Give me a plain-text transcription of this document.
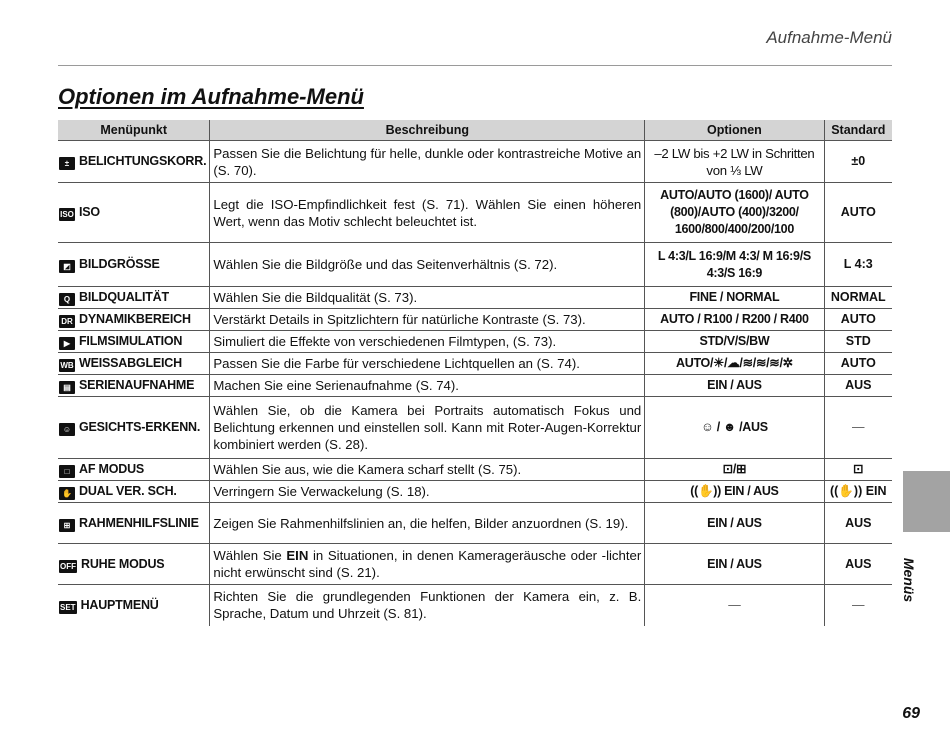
Aufnahme-Menü
Optionen im Aufnahme-Menü
Menüpunkt	Beschreibung	Optionen	Standard
± BELICHTUNGSKORR.	Passen Sie die Belichtung für helle, dunkle oder kontrastreiche Motive an (S. 70).	–2 LW bis +2 LW in Schritten von ⅓ LW	±0
ISO ISO	Legt die ISO-Empfindlichkeit fest (S. 71). Wählen Sie einen höheren Wert, wenn das Motiv schlecht beleuchtet ist.	AUTO/AUTO (1600)/ AUTO (800)/AUTO (400)/3200/ 1600/800/400/200/100	AUTO
◩ BILDGRÖSSE	Wählen Sie die Bildgröße und das Seitenverhältnis (S. 72).	L 4:3/L 16:9/M 4:3/ M 16:9/S 4:3/S 16:9	L 4:3
Q BILDQUALITÄT	Wählen Sie die Bildqualität (S. 73).	FINE / NORMAL	NORMAL
DR DYNAMIKBEREICH	Verstärkt Details in Spitzlichtern für natürliche Kontraste (S. 73).	AUTO / R100 / R200 / R400	AUTO
▶ FILMSIMULATION	Simuliert die Effekte von verschiedenen Filmtypen, (S. 73).	STD/V/S/BW	STD
WB WEISSABGLEICH	Passen Sie die Farbe für verschiedene Lichtquellen an (S. 74).	AUTO/☀/☁/≋/≋/≋/✲	AUTO
▤ SERIENAUFNAHME	Machen Sie eine Serienaufnahme (S. 74).	EIN / AUS	AUS
☺ GESICHTS-ERKENN.	Wählen Sie, ob die Kamera bei Portraits automatisch Fokus und Belichtung erkennen und einstellen soll. Kann mit Roter-Augen-Korrektur kombiniert werden (S. 28).	☺ / ☻ /AUS	—
□ AF MODUS	Wählen Sie aus, wie die Kamera scharf stellt (S. 75).	⊡/⊞	⊡
✋ DUAL VER. SCH.	Verringern Sie Verwackelung (S. 18).	((✋)) EIN / AUS	((✋)) EIN
⊞ RAHMENHILFSLINIE	Zeigen Sie Rahmenhilfslinien an, die helfen, Bilder anzuordnen (S. 19).	EIN / AUS	AUS
OFF RUHE MODUS	Wählen Sie EIN in Situationen, in denen Kamerageräusche oder -lichter nicht erwünscht sind (S. 21).	EIN / AUS	AUS
SET HAUPTMENÜ	Richten Sie die grundlegenden Funktionen der Kamera ein, z. B. Sprache, Datum und Uhrzeit (S. 81).	—	—
Menüs
69
